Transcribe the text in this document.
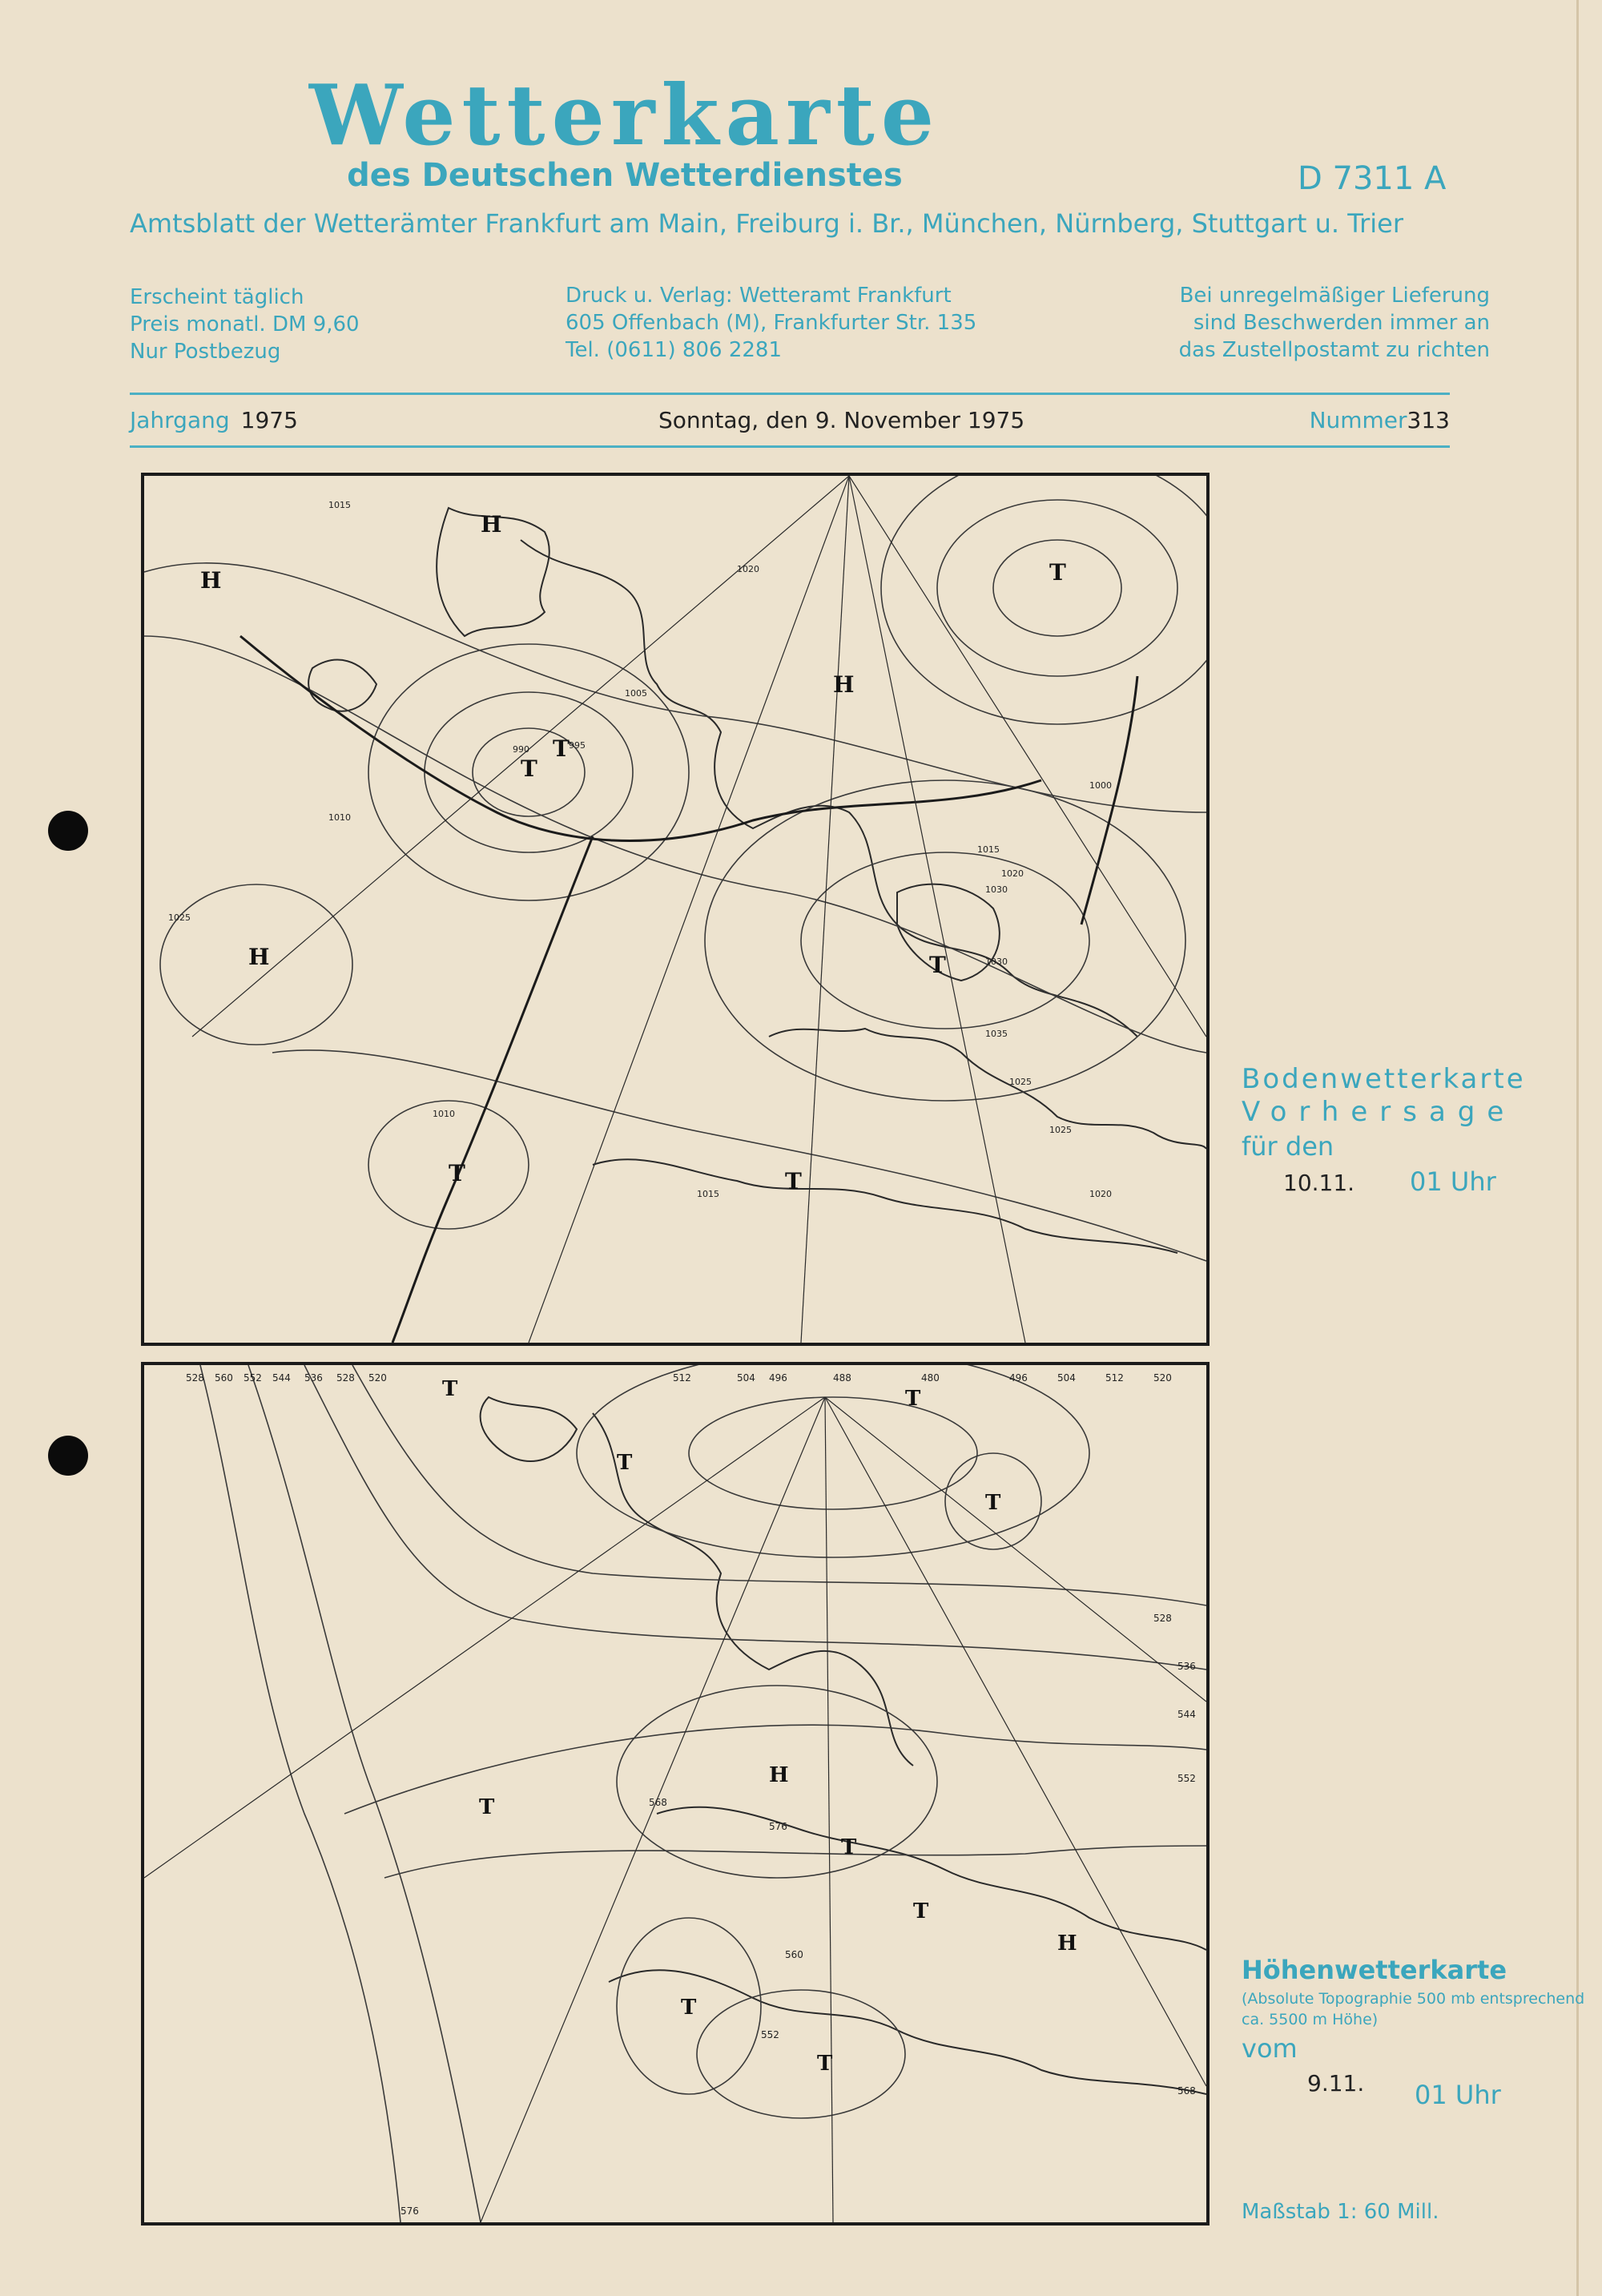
Wetterkarte
des Deutschen Wetterdienstes	D 7311 A
Amtsblatt der Wetterämter Frankfurt am Main, Freiburg i. Br., München, Nürnberg, Stuttgart u. Trier
Erscheint täglich
Preis monatl. DM 9,60
Nur Postbezug
Druck u. Verlag: Wetteramt Frankfurt
605 Offenbach (M), Frankfurter Str. 135
Tel. (0611) 806 2281
Bei unregelmäßiger Lieferung
sind Beschwerden immer an
das Zustellpostamt zu richten
Jahrgang 1975	Sonntag, den 9. November 1975	Nummer313
H
H
T
T
H
H
T
T	T
T
1015
1020
1025
1005
995
990
1000
1010
1030
1035
1025
1020
1015
1010
1015	1020
1025
1030
528 560 552 544 536 528 520	512	504 496	488	480	496	504	512	520
568
576
560
552
544
536
528
576
552
568
T
T
T
T
T
H
T
T
T
H
T
Bodenwetterkarte
Vorhersage
für den
10.11. 01 Uhr
Höhenwetterkarte
(Absolute Topographie 500 mb entsprechend ca. 5500 m Höhe)
vom
9.11. 01 Uhr
Maßstab 1: 60 Mill.
